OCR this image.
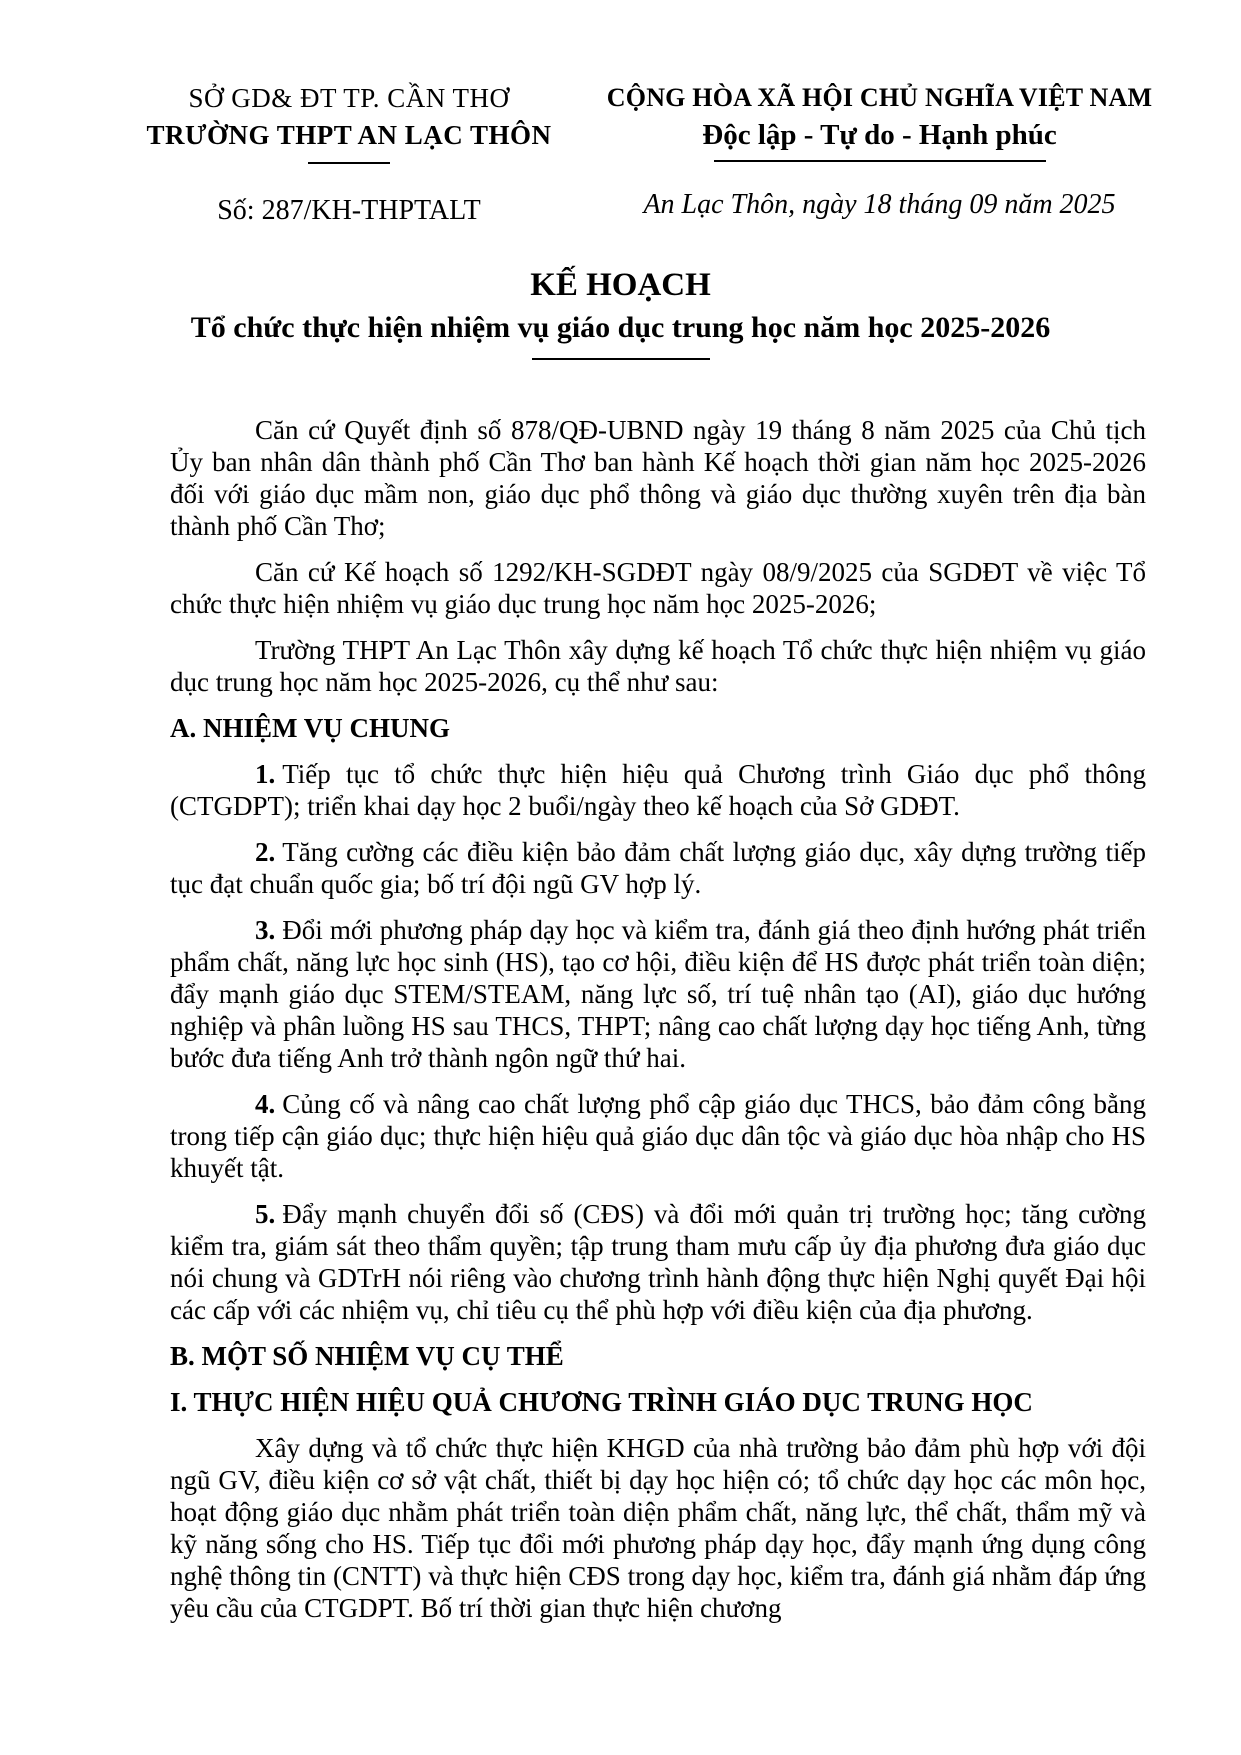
SỞ GD& ĐT TP. CẦN THƠ
TRƯỜNG THPT AN LẠC THÔN
Số: 287/KH-THPTALT
CỘNG HÒA XÃ HỘI CHỦ NGHĨA VIỆT NAM
Độc lập - Tự do - Hạnh phúc
An Lạc Thôn, ngày 18 tháng 09 năm 2025
KẾ HOẠCH
Tổ chức thực hiện nhiệm vụ giáo dục trung học năm học 2025-2026

Căn cứ Quyết định số 878/QĐ-UBND ngày 19 tháng 8 năm 2025 của Chủ tịch Ủy ban nhân dân thành phố Cần Thơ ban hành Kế hoạch thời gian năm học 2025-2026 đối với giáo dục mầm non, giáo dục phổ thông và giáo dục thường xuyên trên địa bàn thành phố Cần Thơ;

Căn cứ Kế hoạch số 1292/KH-SGDĐT ngày 08/9/2025 của SGDĐT về việc Tổ chức thực hiện nhiệm vụ giáo dục trung học năm học 2025-2026;

Trường THPT An Lạc Thôn xây dựng kế hoạch Tổ chức thực hiện nhiệm vụ giáo dục trung học năm học 2025-2026, cụ thể như sau:

A. NHIỆM VỤ CHUNG

1. Tiếp tục tổ chức thực hiện hiệu quả Chương trình Giáo dục phổ thông (CTGDPT); triển khai dạy học 2 buổi/ngày theo kế hoạch của Sở GDĐT.

2. Tăng cường các điều kiện bảo đảm chất lượng giáo dục, xây dựng trường tiếp tục đạt chuẩn quốc gia; bố trí đội ngũ GV hợp lý.

3. Đổi mới phương pháp dạy học và kiểm tra, đánh giá theo định hướng phát triển phẩm chất, năng lực học sinh (HS), tạo cơ hội, điều kiện để HS được phát triển toàn diện; đẩy mạnh giáo dục STEM/STEAM, năng lực số, trí tuệ nhân tạo (AI), giáo dục hướng nghiệp và phân luồng HS sau THCS, THPT; nâng cao chất lượng dạy học tiếng Anh, từng bước đưa tiếng Anh trở thành ngôn ngữ thứ hai.

4. Củng cố và nâng cao chất lượng phổ cập giáo dục THCS, bảo đảm công bằng trong tiếp cận giáo dục; thực hiện hiệu quả giáo dục dân tộc và giáo dục hòa nhập cho HS khuyết tật.

5. Đẩy mạnh chuyển đổi số (CĐS) và đổi mới quản trị trường học; tăng cường kiểm tra, giám sát theo thẩm quyền; tập trung tham mưu cấp ủy địa phương đưa giáo dục nói chung và GDTrH nói riêng vào chương trình hành động thực hiện Nghị quyết Đại hội các cấp với các nhiệm vụ, chỉ tiêu cụ thể phù hợp với điều kiện của địa phương.

B. MỘT SỐ NHIỆM VỤ CỤ THỂ

I. THỰC HIỆN HIỆU QUẢ CHƯƠNG TRÌNH GIÁO DỤC TRUNG HỌC

Xây dựng và tổ chức thực hiện KHGD của nhà trường bảo đảm phù hợp với đội ngũ GV, điều kiện cơ sở vật chất, thiết bị dạy học hiện có; tổ chức dạy học các môn học, hoạt động giáo dục nhằm phát triển toàn diện phẩm chất, năng lực, thể chất, thẩm mỹ và kỹ năng sống cho HS. Tiếp tục đổi mới phương pháp dạy học, đẩy mạnh ứng dụng công nghệ thông tin (CNTT) và thực hiện CĐS trong dạy học, kiểm tra, đánh giá nhằm đáp ứng yêu cầu của CTGDPT. Bố trí thời gian thực hiện chương
